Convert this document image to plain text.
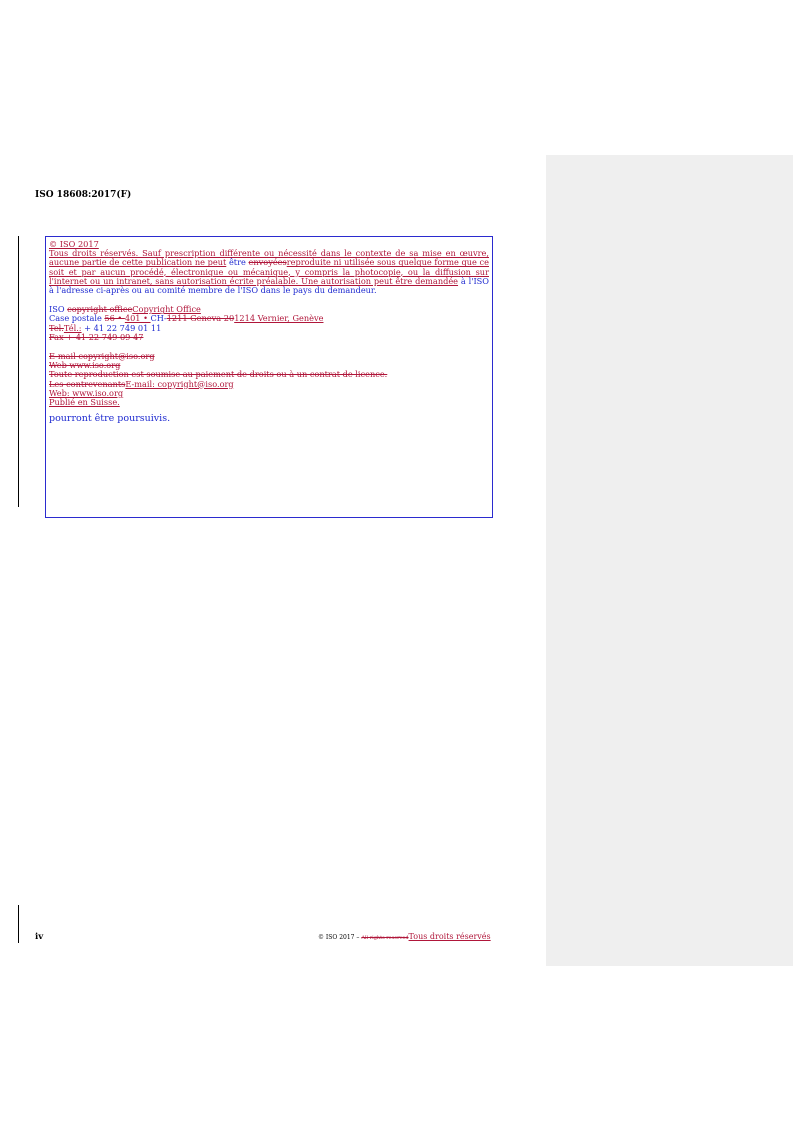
ISO 18608:2017(F)

© ISO 2017

Tous droits réservés. Sauf prescription différente ou nécessité dans le contexte de sa mise en œuvre, aucune partie de cette publication ne peut être envoyéesreproduite ni utilisée sous quelque forme que ce soit et par aucun procédé, électronique ou mécanique, y compris la photocopie, ou la diffusion sur l'internet ou un intranet, sans autorisation écrite préalable. Une autorisation peut être demandée à l'ISO à l'adresse ci-après ou au comité membre de l'ISO dans le pays du demandeur.

ISO copyright officeCopyright Office

Case postale 56 • 401 • CH-1211 Geneva 201214 Vernier, Genève

Tel.Tél.: + 41 22 749 01 11

Fax + 41 22 749 09 47

E-mail copyright@iso.org

Web www.iso.org

Toute reproduction est soumise au paiement de droits ou à un contrat de licence.

Les contrevenantsE-mail: copyright@iso.org

Web: www.iso.org

Publié en Suisse.

pourront être poursuivis.

iv	© ISO 2017 – All rights reservedTous droits réservés
